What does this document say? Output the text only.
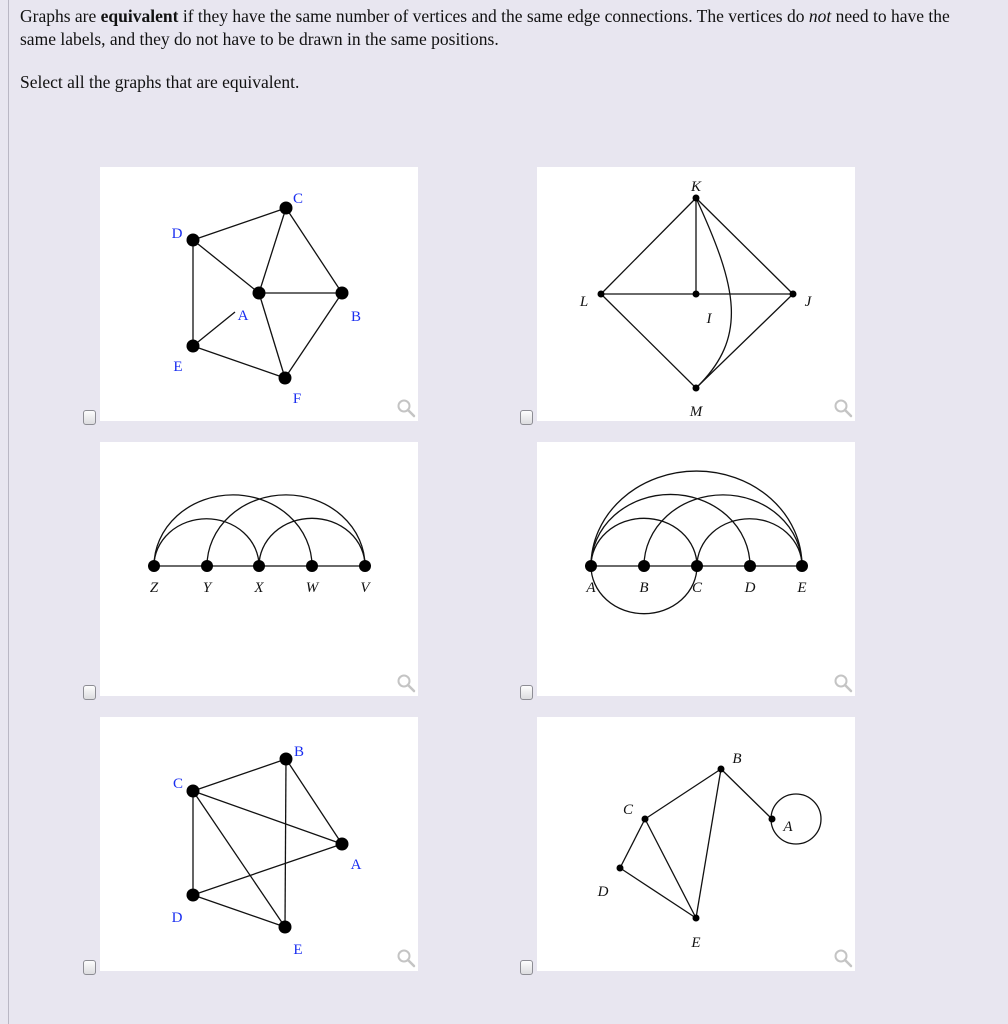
Graphs are equivalent if they have the same number of vertices and the same edge connections. The vertices do not need to have the same labels, and they do not have to be drawn in the same positions.

Select all the graphs that are equivalent.

A	B
C
D
E
F
K
L
I
J
M
Z	Y	X	W	V	A	B	C	D	E
B
C
A
D
E
B
C
A
D
E
